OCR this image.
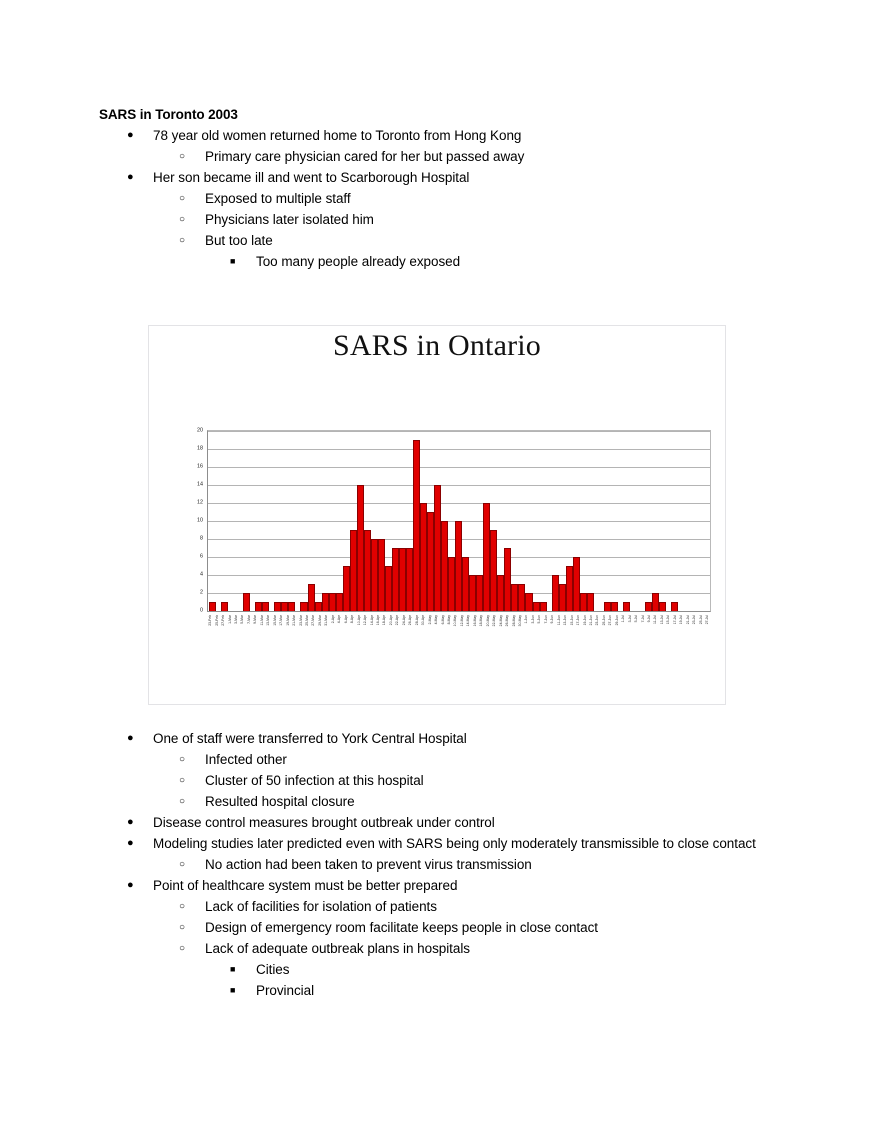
SARS in Toronto 2003
●
78 year old women returned home to Toronto from Hong Kong
○
Primary care physician cared for her but passed away
●
Her son became ill and went to Scarborough Hospital
○
Exposed to multiple staff
○
Physicians later isolated him
○
But too late
■
Too many people already exposed
SARS in Ontario
0
2
4
6
8
10
12
14
16
18
20
23-Feb 25-Feb 27-Feb 1-Mar 3-Mar 5-Mar 7-Mar 9-Mar 11-Mar 13-Mar 15-Mar 17-Mar 19-Mar 21-Mar 23-Mar 25-Mar 27-Mar 29-Mar 31-Mar 2-Apr 4-Apr 6-Apr 8-Apr 10-Apr 12-Apr 14-Apr 16-Apr 18-Apr 20-Apr 22-Apr 24-Apr 26-Apr 28-Apr 30-Apr 2-May 4-May 6-May 8-May 10-May 12-May 14-May 16-May 18-May 20-May 22-May 24-May 26-May 28-May 30-May 1-Jun 3-Jun 5-Jun 7-Jun 9-Jun 11-Jun 13-Jun 15-Jun 17-Jun 19-Jun 21-Jun 23-Jun 25-Jun 27-Jun 29-Jun 1-Jul 3-Jul 5-Jul 7-Jul 9-Jul 11-Jul 13-Jul 15-Jul 17-Jul 19-Jul 21-Jul 23-Jul 25-Jul 27-Jul
●
One of staff were transferred to York Central Hospital
○
Infected other
○
Cluster of 50 infection at this hospital
○
Resulted hospital closure
●
Disease control measures brought outbreak under control
●
Modeling studies later predicted even with SARS being only moderately transmissible to close contact
○
No action had been taken to prevent virus transmission
●
Point of healthcare system must be better prepared
○
Lack of facilities for isolation of patients
○
Design of emergency room facilitate keeps people in close contact
○
Lack of adequate outbreak plans in hospitals
■
Cities
■
Provincial
